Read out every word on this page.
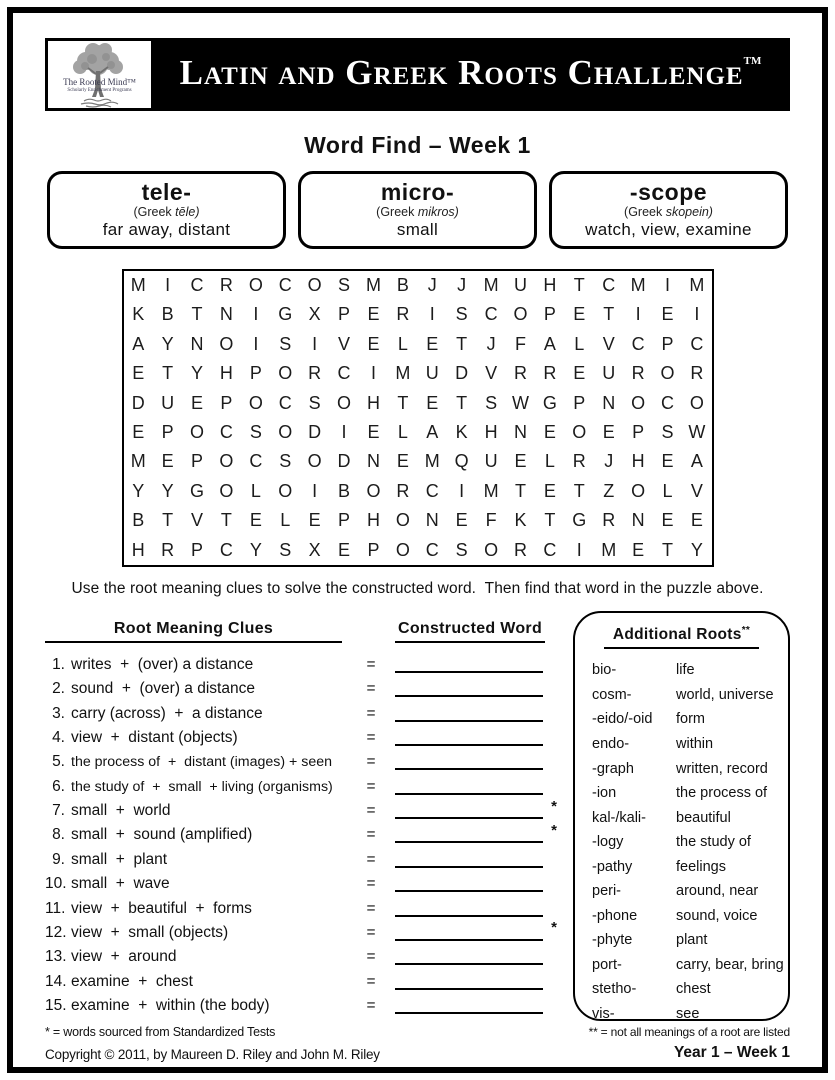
The Rooted Mind™
Scholarly Enrichment Programs	Latin and Greek Roots Challenge™
Word Find – Week 1
tele-
(Greek tēle)
far away, distant
micro-
(Greek mikros)
small
-scope
(Greek skopein)
watch, view, examine
M	I	C R O C O S M B	J	J M U H T C M	I	M
K B T N	I	G X P E R	I	S C O P E T	I	E	I
A Y N O	I	S	I	V E	L	E T	J	F A	L	V C P C
E T Y H P O R C	I	M U D V R R E U R O R
D U E P O C S O H T E T S W G P N O C O
E P O C S O D	I	E	L	A K H N E O E P S W
M E P O C S O D N E M Q U E	L R	J	H E A
Y Y G O L O	I	B O R C	I	M T E T	Z O L	V
B T V T E	L	E P H O N E F K T G R N E E
H R P C Y S X E P O C S O R C	I	M E T Y
Use the root meaning clues to solve the constructed word.  Then find that word in the puzzle above.
Root Meaning Clues	Constructed Word
1. writes  +  (over) a distance	=
2. sound  +  (over) a distance	=
3. carry (across)  +  a distance	=
4. view  +  distant (objects)	=
5. the process of  +  distant (images) + seen	=
6. the study of  +  small  + living (organisms)	=
7. small  +  world	=	*
8. small  +  sound (amplified)	=	*
9. small  +  plant	=
10. small  +  wave	=
11. view  +  beautiful  +  forms	=
12. view  +  small (objects)	=	*
13. view  +  around	=
14. examine  +  chest	=
15. examine  +  within (the body)	=
Additional Roots**
bio-	life
cosm-	world, universe
-eido/-oid	form
endo-	within
-graph	written, record
-ion	the process of
kal-/kali-	beautiful
-logy	the study of
-pathy	feelings
peri-	around, near
-phone	sound, voice
-phyte	plant
port-	carry, bear, bring
stetho-	chest
vis-	see
* = words sourced from Standardized Tests	** = not all meanings of a root are listed
Copyright © 2011, by Maureen D. Riley and John M. Riley	Year 1 – Week 1
